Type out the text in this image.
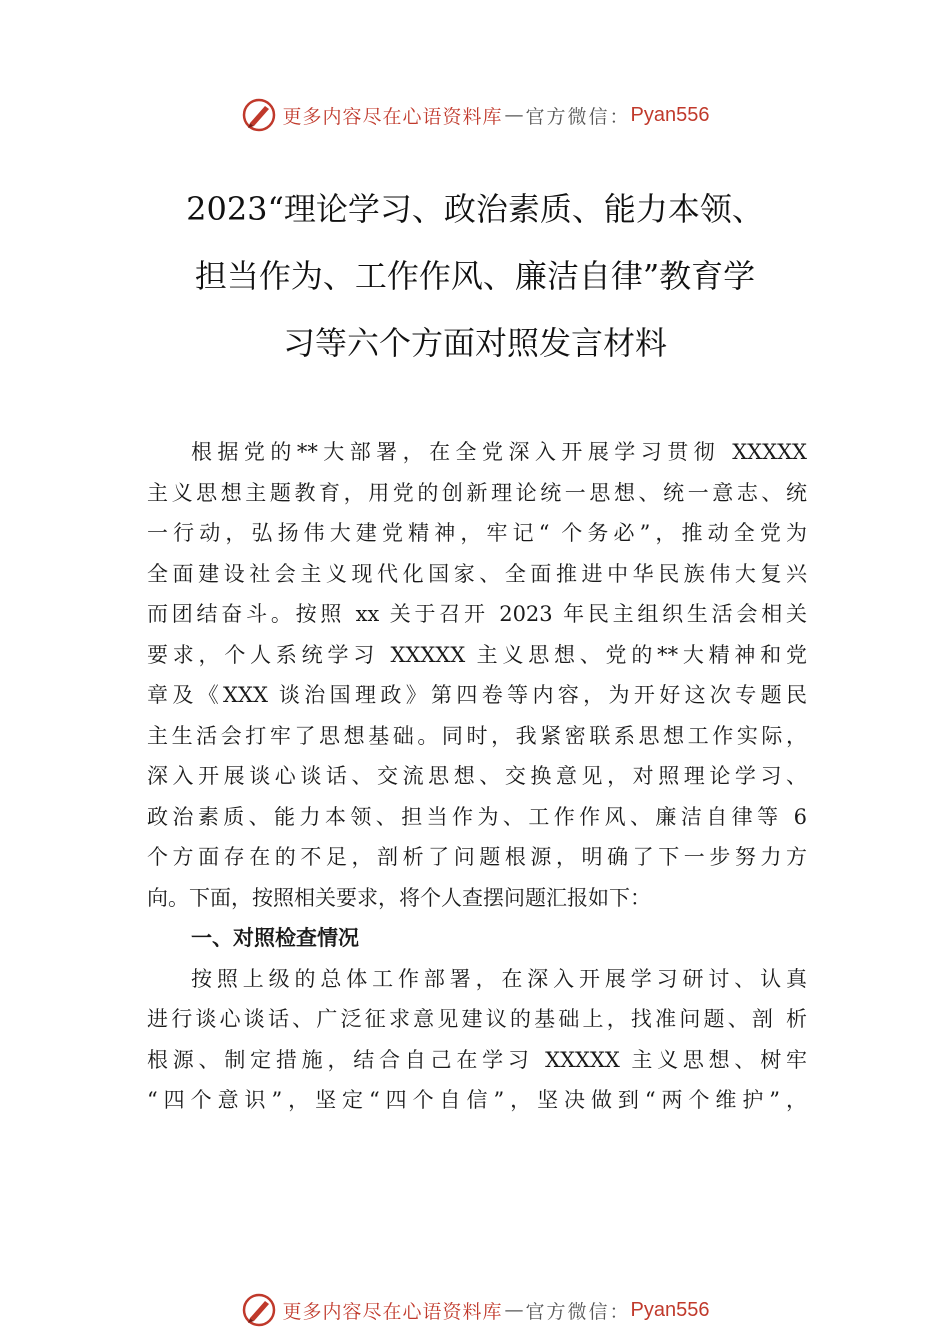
更多内容尽在心语资料库 — 官方微信： Pyan556
2023“理论学习、政治素质、能力本领、
担当作为、工作作风、廉洁自律”教育学
习等六个方面对照发言材料
根据党的**大部署，在全党深入开展学习贯彻 XXXXX
主义思想主题教育，用党的创新理论统一思想、统一意志、统
一行动，弘扬伟大建党精神，牢记“ 个务必”，推动全党为
全面建设社会主义现代化国家、全面推进中华民族伟大复兴
而团结奋斗。按照 xx 关于召开 2023 年民主组织生活会相关
要求，个人系统学习 XXXXX 主义思想、党的**大精神和党
章及《XXX 谈治国理政》第四卷等内容，为开好这次专题民
主生活会打牢了思想基础。同时，我紧密联系思想工作实际，
深入开展谈心谈话、交流思想、交换意见，对照理论学习、
政治素质、能力本领、担当作为、工作作风、廉洁自律等 6
个方面存在的不足，剖析了问题根源，明确了下一步努力方
向。下面，按照相关要求，将个人查摆问题汇报如下：
一、对照检查情况
按照上级的总体工作部署，在深入开展学习研讨、认真
进行谈心谈话、广泛征求意见建议的基础上，找准问题、剖 析
根源、制定措施，结合自己在学习 XXXXX 主义思想、树牢
“四个意识”，坚定“四个自信”，坚决做到“两个维护”，
更多内容尽在心语资料库 — 官方微信： Pyan556
